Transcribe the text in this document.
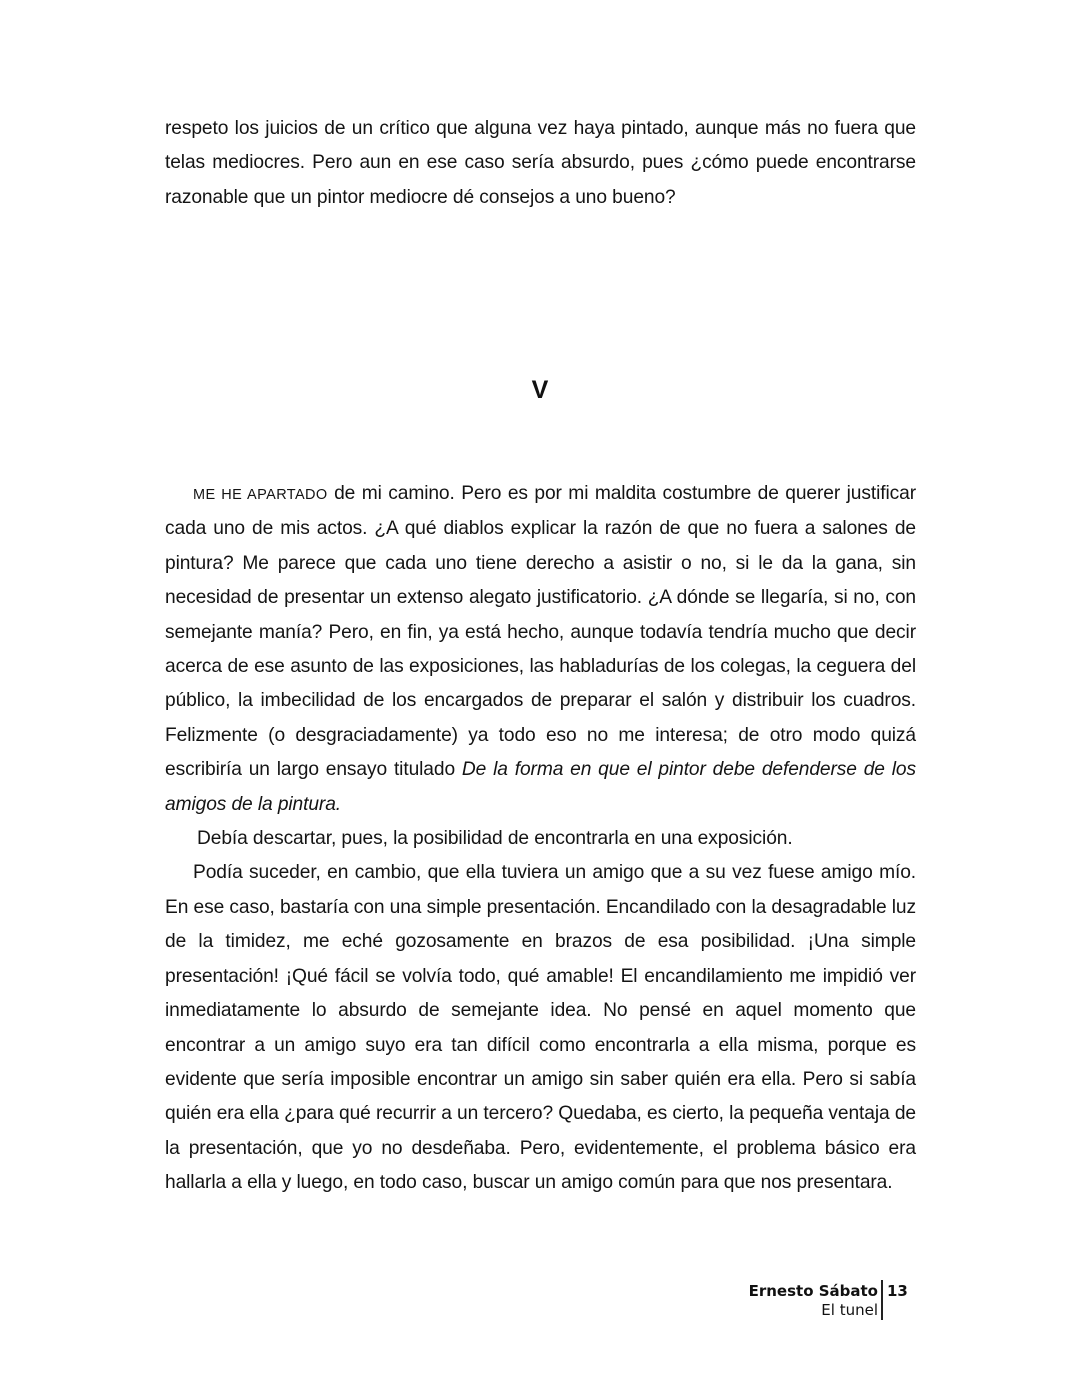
respeto los juicios de un crítico que alguna vez haya pintado, aunque más no fuera que telas mediocres. Pero aun en ese caso sería absurdo, pues ¿cómo puede encontrarse razonable que un pintor mediocre dé consejos a uno bueno?

V

ME HE APARTADO de mi camino. Pero es por mi maldita costumbre de querer justificar cada uno de mis actos. ¿A qué diablos explicar la razón de que no fuera a salones de pintura? Me parece que cada uno tiene derecho a asistir o no, si le da la gana, sin necesidad de presentar un extenso alegato justificatorio. ¿A dónde se llegaría, si no, con semejante manía? Pero, en fin, ya está hecho, aunque todavía tendría mucho que decir acerca de ese asunto de las exposiciones, las habladurías de los colegas, la ceguera del público, la imbecilidad de los encargados de preparar el salón y distribuir los cuadros. Felizmente (o desgraciadamente) ya todo eso no me interesa; de otro modo quizá escribiría un largo ensayo titulado De la forma en que el pintor debe defenderse de los amigos de la pintura.

Debía descartar, pues, la posibilidad de encontrarla en una exposición.

Podía suceder, en cambio, que ella tuviera un amigo que a su vez fuese amigo mío. En ese caso, bastaría con una simple presentación. Encandilado con la desagradable luz de la timidez, me eché gozosamente en brazos de esa posibilidad. ¡Una simple presentación! ¡Qué fácil se volvía todo, qué amable! El encandilamiento me impidió ver inmediatamente lo absurdo de semejante idea. No pensé en aquel momento que encontrar a un amigo suyo era tan difícil como encontrarla a ella misma, porque es evidente que sería imposible encontrar un amigo sin saber quién era ella. Pero si sabía quién era ella ¿para qué recurrir a un tercero? Quedaba, es cierto, la pequeña ventaja de la presentación, que yo no desdeñaba. Pero, evidentemente, el problema básico era hallarla a ella y luego, en todo caso, buscar un amigo común para que nos presentara.

Ernesto Sábato
El tunel
13
